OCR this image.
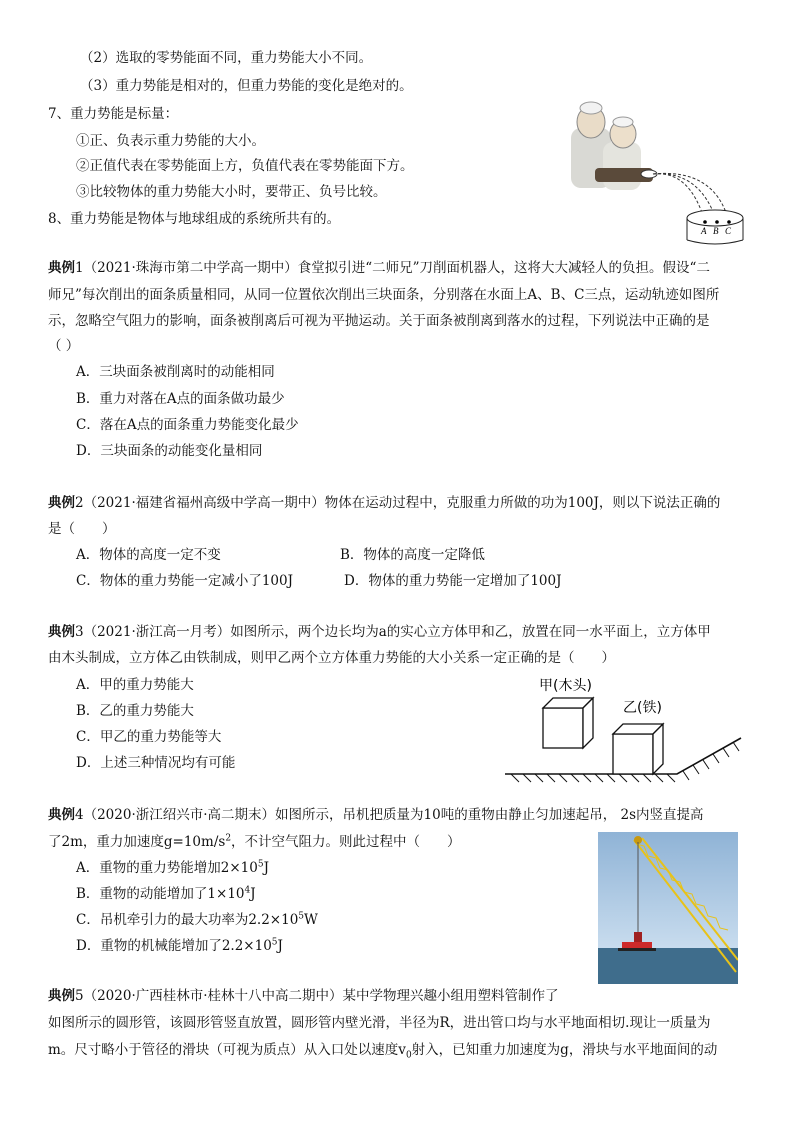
（2）选取的零势能面不同，重力势能大小不同。
（3）重力势能是相对的，但重力势能的变化是绝对的。
7、重力势能是标量：
①正、负表示重力势能的大小。
②正值代表在零势能面上方，负值代表在零势能面下方。
③比较物体的重力势能大小时，要带正、负号比较。
8、重力势能是物体与地球组成的系统所共有的。
A B C
典例1（2021·珠海市第二中学高一期中）食堂拟引进“二师兄”刀削面机器人，这将大大减轻人的负担。假设“二
师兄”每次削出的面条质量相同，从同一位置依次削出三块面条，分别落在水面上A、B、C三点，运动轨迹如图所
示，忽略空气阻力的影响，面条被削离后可视为平抛运动。关于面条被削离到落水的过程，下列说法中正确的是
（ ）
A．三块面条被削离时的动能相同
B．重力对落在A点的面条做功最少
C．落在A点的面条重力势能变化最少
D．三块面条的动能变化量相同
典例2（2021·福建省福州高级中学高一期中）物体在运动过程中，克服重力所做的功为100J，则以下说法正确的
是（　　）
A．物体的高度一定不变	B．物体的高度一定降低
C．物体的重力势能一定减小了100J	D．物体的重力势能一定增加了100J
典例3（2021·浙江高一月考）如图所示，两个边长均为a的实心立方体甲和乙，放置在同一水平面上，立方体甲
由木头制成，立方体乙由铁制成，则甲乙两个立方体重力势能的大小关系一定正确的是（　　）
A．甲的重力势能大
B．乙的重力势能大
C．甲乙的重力势能等大
D．上述三种情况均有可能
甲(木头)
乙(铁)
典例4（2020·浙江绍兴市·高二期末）如图所示，吊机把质量为10吨的重物由静止匀加速起吊， 2s内竖直提高
了2m，重力加速度$g=10m/s^2$，不计空气阻力。则此过程中（　　）
A．重物的重力势能增加$2\times 10^5J$
B．重物的动能增加了$1\times 10^4J$
C．吊机牵引力的最大功率为$2.2\times 10^5W$
D．重物的机械能增加了$2.2\times 10^5J$
典例5（2020·广西桂林市·桂林十八中高二期中）某中学物理兴趣小组用塑料管制作了
如图所示的圆形管，该圆形管竖直放置，圆形管内壁光滑，半径为R，进出管口均与水平地面相切.现让一质量为
m。尺寸略小于管径的滑块（可视为质点）从入口处以速度$v_0$射入，已知重力加速度为g，滑块与水平地面间的动
